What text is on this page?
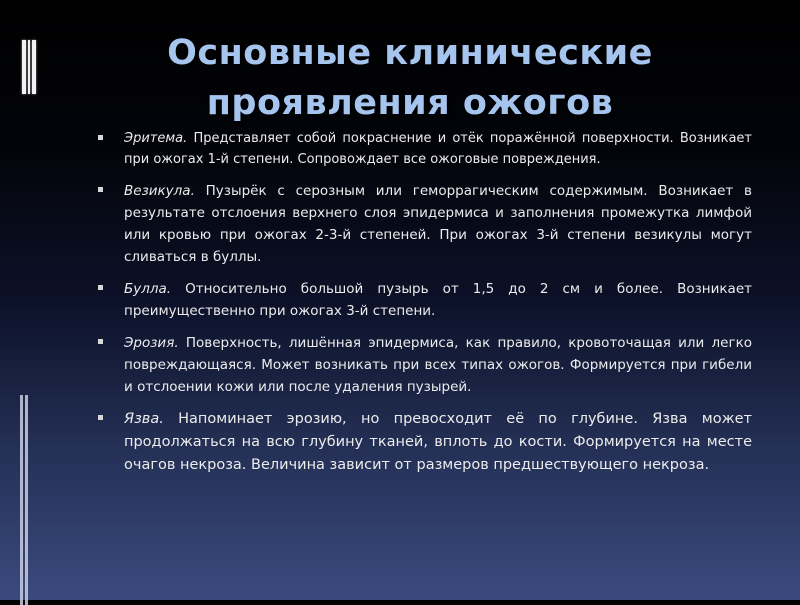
Основные клинические
проявления ожогов
Эритема. Представляет собой покраснение и отёк поражённой поверхности. Возникает при ожогах 1-й степени. Сопровождает все ожоговые повреждения.
Везикула. Пузырёк с серозным или геморрагическим содержимым. Возникает в результате отслоения верхнего слоя эпидермиса и заполнения промежутка лимфой или кровью при ожогах 2-3-й степеней. При ожогах 3-й степени везикулы могут сливаться в буллы.
Булла. Относительно большой пузырь от 1,5 до 2 см и более. Возникает преимущественно при ожогах 3-й степени.
Эрозия. Поверхность, лишённая эпидермиса, как правило, кровоточащая или легко повреждающаяся. Может возникать при всех типах ожогов. Формируется при гибели и отслоении кожи или после удаления пузырей.
Язва. Напоминает эрозию, но превосходит её по глубине. Язва может продолжаться на всю глубину тканей, вплоть до кости. Формируется на месте очагов некроза. Величина зависит от размеров предшествующего некроза.
